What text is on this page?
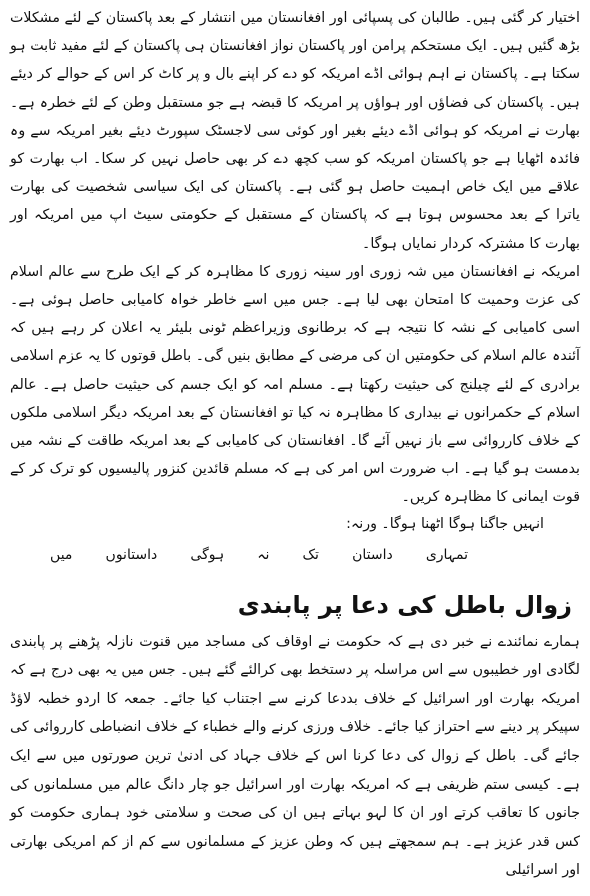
اختیار کر گئی ہیں۔ طالبان کی پسپائی اور افغانستان میں انتشار کے بعد پاکستان کے لئے مشکلات بڑھ گئیں ہیں۔ ایک مستحکم پرامن اور پاکستان نواز افغانستان ہی پاکستان کے لئے مفید ثابت ہو سکتا ہے۔ پاکستان نے اہم ہوائی اڈے امریکہ کو دے کر اپنے بال و پر کاٹ کر اس کے حوالے کر دیئے ہیں۔ پاکستان کی فضاؤں اور ہواؤں پر امریکہ کا قبضہ ہے جو مستقبل وطن کے لئے خطرہ ہے۔ بھارت نے امریکہ کو ہوائی اڈے دیئے بغیر اور کوئی سی لاجسٹک سپورٹ دیئے بغیر امریکہ سے وہ فائدہ اٹھایا ہے جو پاکستان امریکہ کو سب کچھ دے کر بھی حاصل نہیں کر سکا۔ اب بھارت کو علاقے میں ایک خاص اہمیت حاصل ہو گئی ہے۔ پاکستان کی ایک سیاسی شخصیت کی بھارت یاترا کے بعد محسوس ہوتا ہے کہ پاکستان کے مستقبل کے حکومتی سیٹ اپ میں امریکہ اور بھارت کا مشترکہ کردار نمایاں ہوگا۔

امریکہ نے افغانستان میں شہ زوری اور سینہ زوری کا مظاہرہ کر کے ایک طرح سے عالم اسلام کی عزت وحمیت کا امتحان بھی لیا ہے۔ جس میں اسے خاطر خواہ کامیابی حاصل ہوئی ہے۔ اسی کامیابی کے نشہ کا نتیجہ ہے کہ برطانوی وزیراعظم ٹونی بلیئر یہ اعلان کر رہے ہیں کہ آئندہ عالم اسلام کی حکومتیں ان کی مرضی کے مطابق بنیں گی۔ باطل قوتوں کا یہ عزم اسلامی برادری کے لئے چیلنج کی حیثیت رکھتا ہے۔ مسلم امہ کو ایک جسم کی حیثیت حاصل ہے۔ عالم اسلام کے حکمرانوں نے بیداری کا مظاہرہ نہ کیا تو افغانستان کے بعد امریکہ دیگر اسلامی ملکوں کے خلاف کارروائی سے باز نہیں آئے گا۔ افغانستان کی کامیابی کے بعد امریکہ طاقت کے نشہ میں بدمست ہو گیا ہے۔ اب ضرورت اس امر کی ہے کہ مسلم قائدین کنزور پالیسیوں کو ترک کر کے قوت ایمانی کا مظاہرہ کریں۔

انہیں جاگنا ہوگا اٹھنا ہوگا۔ ورنہ:

تمہاری
داستان
تک
نہ
ہوگی
داستانوں
میں
زوال باطل کی دعا پر پابندی

ہمارے نمائندے نے خبر دی ہے کہ حکومت نے اوقاف کی مساجد میں قنوت نازلہ پڑھنے پر پابندی لگادی اور خطیبوں سے اس مراسلہ پر دستخط بھی کرالئے گئے ہیں۔ جس میں یہ بھی درج ہے کہ امریکہ بھارت اور اسرائیل کے خلاف بددعا کرنے سے اجتناب کیا جائے۔ جمعہ کا اردو خطبہ لاؤڈ سپیکر پر دینے سے احتراز کیا جائے۔ خلاف ورزی کرنے والے خطباء کے خلاف انضباطی کارروائی کی جائے گی۔ باطل کے زوال کی دعا کرنا اس کے خلاف جہاد کی ادنیٰ ترین صورتوں میں سے ایک ہے۔ کیسی ستم ظریفی ہے کہ امریکہ بھارت اور اسرائیل جو چار دانگ عالم میں مسلمانوں کی جانوں کا تعاقب کرتے اور ان کا لہو بہاتے ہیں ان کی صحت و سلامتی خود ہماری حکومت کو کس قدر عزیز ہے۔ ہم سمجھتے ہیں کہ وطن عزیز کے مسلمانوں سے کم از کم امریکی بھارتی اور اسرائیلی
